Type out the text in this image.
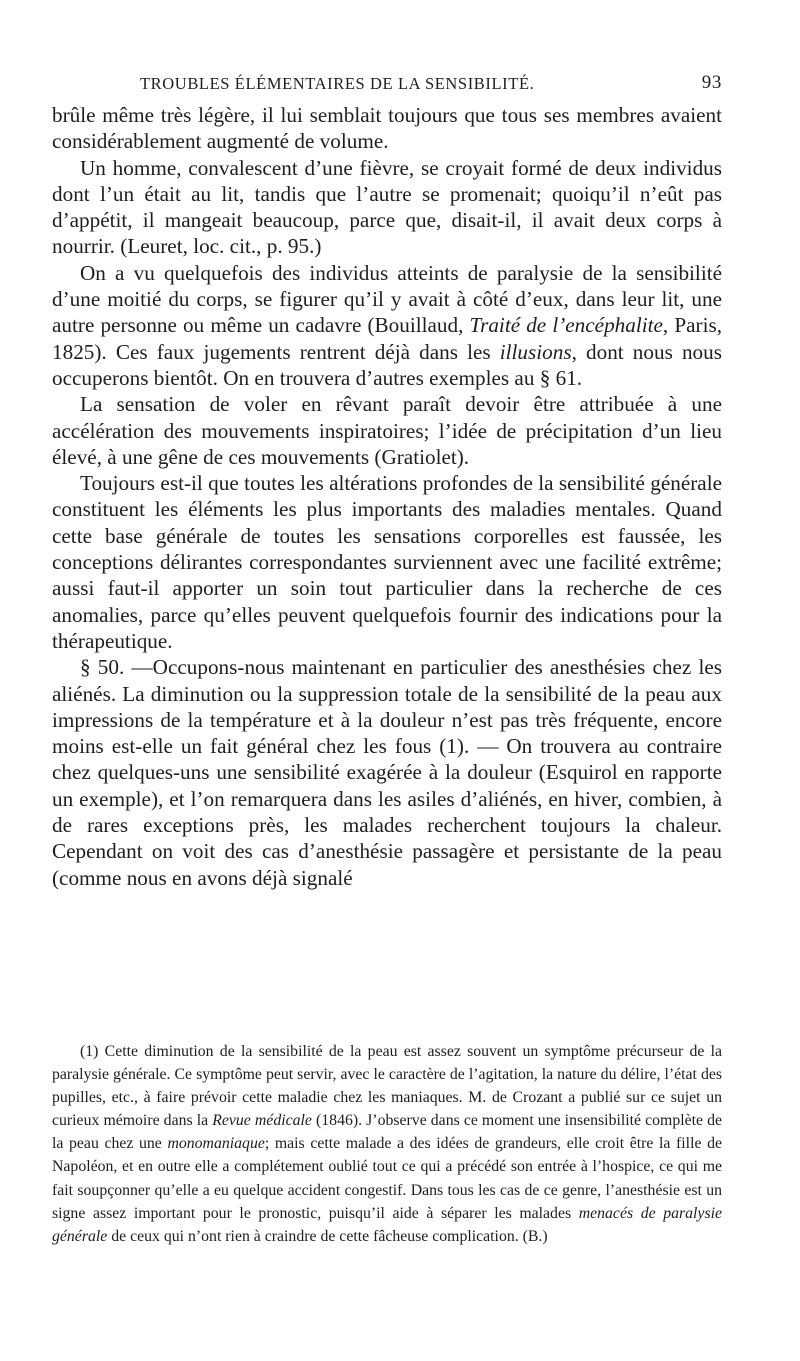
TROUBLES ÉLÉMENTAIRES DE LA SENSIBILITÉ.	93

brûle même très légère, il lui semblait toujours que tous ses membres avaient considérablement augmenté de volume.

Un homme, convalescent d’une fièvre, se croyait formé de deux individus dont l’un était au lit, tandis que l’autre se promenait; quoiqu’il n’eût pas d’appétit, il mangeait beaucoup, parce que, disait-il, il avait deux corps à nourrir. (Leuret, loc. cit., p. 95.)

On a vu quelquefois des individus atteints de paralysie de la sensibilité d’une moitié du corps, se figurer qu’il y avait à côté d’eux, dans leur lit, une autre personne ou même un cadavre (Bouillaud, Traité de l’encéphalite, Paris, 1825). Ces faux jugements rentrent déjà dans les illusions, dont nous nous occuperons bientôt. On en trouvera d’autres exemples au § 61.

La sensation de voler en rêvant paraît devoir être attribuée à une accélération des mouvements inspiratoires; l’idée de précipitation d’un lieu élevé, à une gêne de ces mouvements (Gratiolet).

Toujours est-il que toutes les altérations profondes de la sensibilité générale constituent les éléments les plus importants des maladies mentales. Quand cette base générale de toutes les sensations corporelles est faussée, les conceptions délirantes correspondantes surviennent avec une facilité extrême; aussi faut-il apporter un soin tout particulier dans la recherche de ces anomalies, parce qu’elles peuvent quelquefois fournir des indications pour la thérapeutique.

§ 50. —Occupons-nous maintenant en particulier des anesthésies chez les aliénés. La diminution ou la suppression totale de la sensibilité de la peau aux impressions de la température et à la douleur n’est pas très fréquente, encore moins est-elle un fait général chez les fous (1). — On trouvera au contraire chez quelques-uns une sensibilité exagérée à la douleur (Esquirol en rapporte un exemple), et l’on remarquera dans les asiles d’aliénés, en hiver, combien, à de rares exceptions près, les malades recherchent toujours la chaleur. Cependant on voit des cas d’anesthésie passagère et persistante de la peau (comme nous en avons déjà signalé

(1) Cette diminution de la sensibilité de la peau est assez souvent un symptôme précurseur de la paralysie générale. Ce symptôme peut servir, avec le caractère de l’agitation, la nature du délire, l’état des pupilles, etc., à faire prévoir cette maladie chez les maniaques. M. de Crozant a publié sur ce sujet un curieux mémoire dans la Revue médicale (1846). J’observe dans ce moment une insensibilité complète de la peau chez une monomaniaque; mais cette malade a des idées de grandeurs, elle croit être la fille de Napoléon, et en outre elle a complétement oublié tout ce qui a précédé son entrée à l’hospice, ce qui me fait soupçonner qu’elle a eu quelque accident congestif. Dans tous les cas de ce genre, l’anesthésie est un signe assez important pour le pronostic, puisqu’il aide à séparer les malades menacés de paralysie générale de ceux qui n’ont rien à craindre de cette fâcheuse complication. (B.)
